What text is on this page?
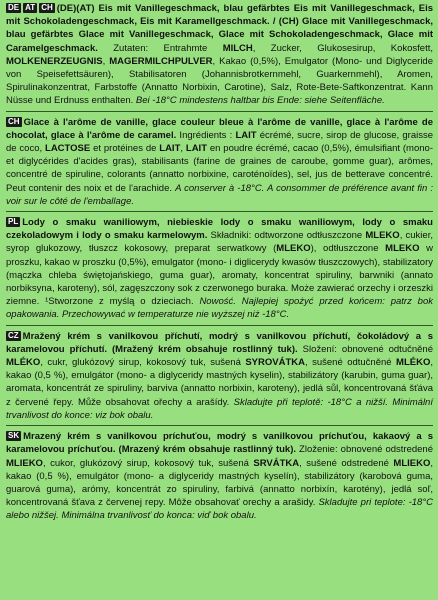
DE AT CH (DE)(AT) Eis mit Vanillegeschmack, blau gefärbtes Eis mit Vanillegeschmack, Eis mit Schokoladengeschmack, Eis mit Karamellgeschmack. / (CH) Glace mit Vanillegeschmack, blau gefärbtes Glace mit Vanillegeschmack, Glace mit Schokoladengeschmack, Glace mit Caramelgeschmack. Zutaten: Entrahmte MILCH, Zucker, Glukosesirup, Kokosfett, MOLKENERZEUGNIS, MAGERMILCHPULVER, Kakao (0,5%), Emulgator (Mono- und Diglyceride von Speisefettsäuren), Stabilisatoren (Johannisbrotkernmehl, Guarkernmehl), Aromen, Spirulinakonzentrat, Farbstoffe (Annatto Norbixin, Carotine), Salz, Rote-Bete-Saftkonzentrat. Kann Nüsse und Erdnuss enthalten. Bei -18°C mindestens haltbar bis Ende: siehe Seitenfläche.
CH Glace à l'arôme de vanille, glace couleur bleue à l'arôme de vanille, glace à l'arôme de chocolat, glace à l'arôme de caramel. Ingrédients : LAIT écrémé, sucre, sirop de glucose, graisse de coco, LACTOSE et protéines de LAIT, LAIT en poudre écrémé, cacao (0,5%), émulsifiant (mono- et diglycérides d'acides gras), stabilisants (farine de graines de caroube, gomme guar), arômes, concentré de spiruline, colorants (annatto norbixine, caroténoïdes), sel, jus de betterave concentré. Peut contenir des noix et de l'arachide. A conserver à -18°C. A consommer de préférence avant fin : voir sur le côté de l'emballage.
PL Lody o smaku waniliowym, niebieskie lody o smaku waniliowym, lody o smaku czekoladowym i lody o smaku karmelowym. Składniki: odtworzone odtłuszczone MLEKO, cukier, syrop glukozowy, tłuszcz kokosowy, preparat serwatkowy (MLEKO), odtłuszczone MLEKO w proszku, kakao w proszku (0,5%), emulgator (mono- i diglicerydy kwasów tłuszczowych), stabilizatory (mączka chleba świętojańskiego, guma guar), aromaty, koncentrat spiruliny, barwniki (annato norbiksyna, karoteny), sól, zagęszczony sok z czerwonego buraka. Może zawierać orzechy i orzeszki ziemne. ¹Stworzone z myślą o dzieciach. Nowość. Najlepiej spożyć przed końcem: patrz bok opakowania. Przechowywać w temperaturze nie wyższej niż -18°C.
CZ Mražený krém s vanilkovou příchutí, modrý s vanilkovou příchutí, čokoládový a s karamelovou příchutí. (Mražený krém obsahuje rostlinný tuk). Složení: obnovené odtučněné MLÉKO, cukr, glukózový sirup, kokosový tuk, sušená SYROVÁTKA, sušené odtučněné MLÉKO, kakao (0,5 %), emulgátor (mono- a diglyceridy mastných kyselin), stabilizátory (karubin, guma guar), aromata, koncentrát ze spiruliny, barviva (annatto norbixin, karoteny), jedlá sůl, koncentrovaná šťáva z červené řepy. Může obsahovat ořechy a arašídy. Skladujte při teplotě: -18°C a nižší. Minimální trvanlivost do konce: viz bok obalu.
SK Mrazený krém s vanilkovou príchuťou, modrý s vanilkovou príchuťou, kakaový a s karamelovou príchuťou. (Mrazený krém obsahuje rastlinný tuk). Zloženie: obnovené odstredené MLIEKO, cukor, glukózový sirup, kokosový tuk, sušená SRVÁTKA, sušené odstredené MLIEKO, kakao (0,5 %), emulgátor (mono- a diglyceridy mastných kyselín), stabilizátory (karobová guma, guarová guma), arómy, koncentrát zo spiruliny, farbivá (annatto norbixín, karotény), jedlá soľ, koncentrovaná šťava z červenej repy. Môže obsahovať orechy a arašidy. Skladujte pri teplote: -18°C alebo nižšej. Minimálna trvanlivosť do konca: viď bok obalu.
